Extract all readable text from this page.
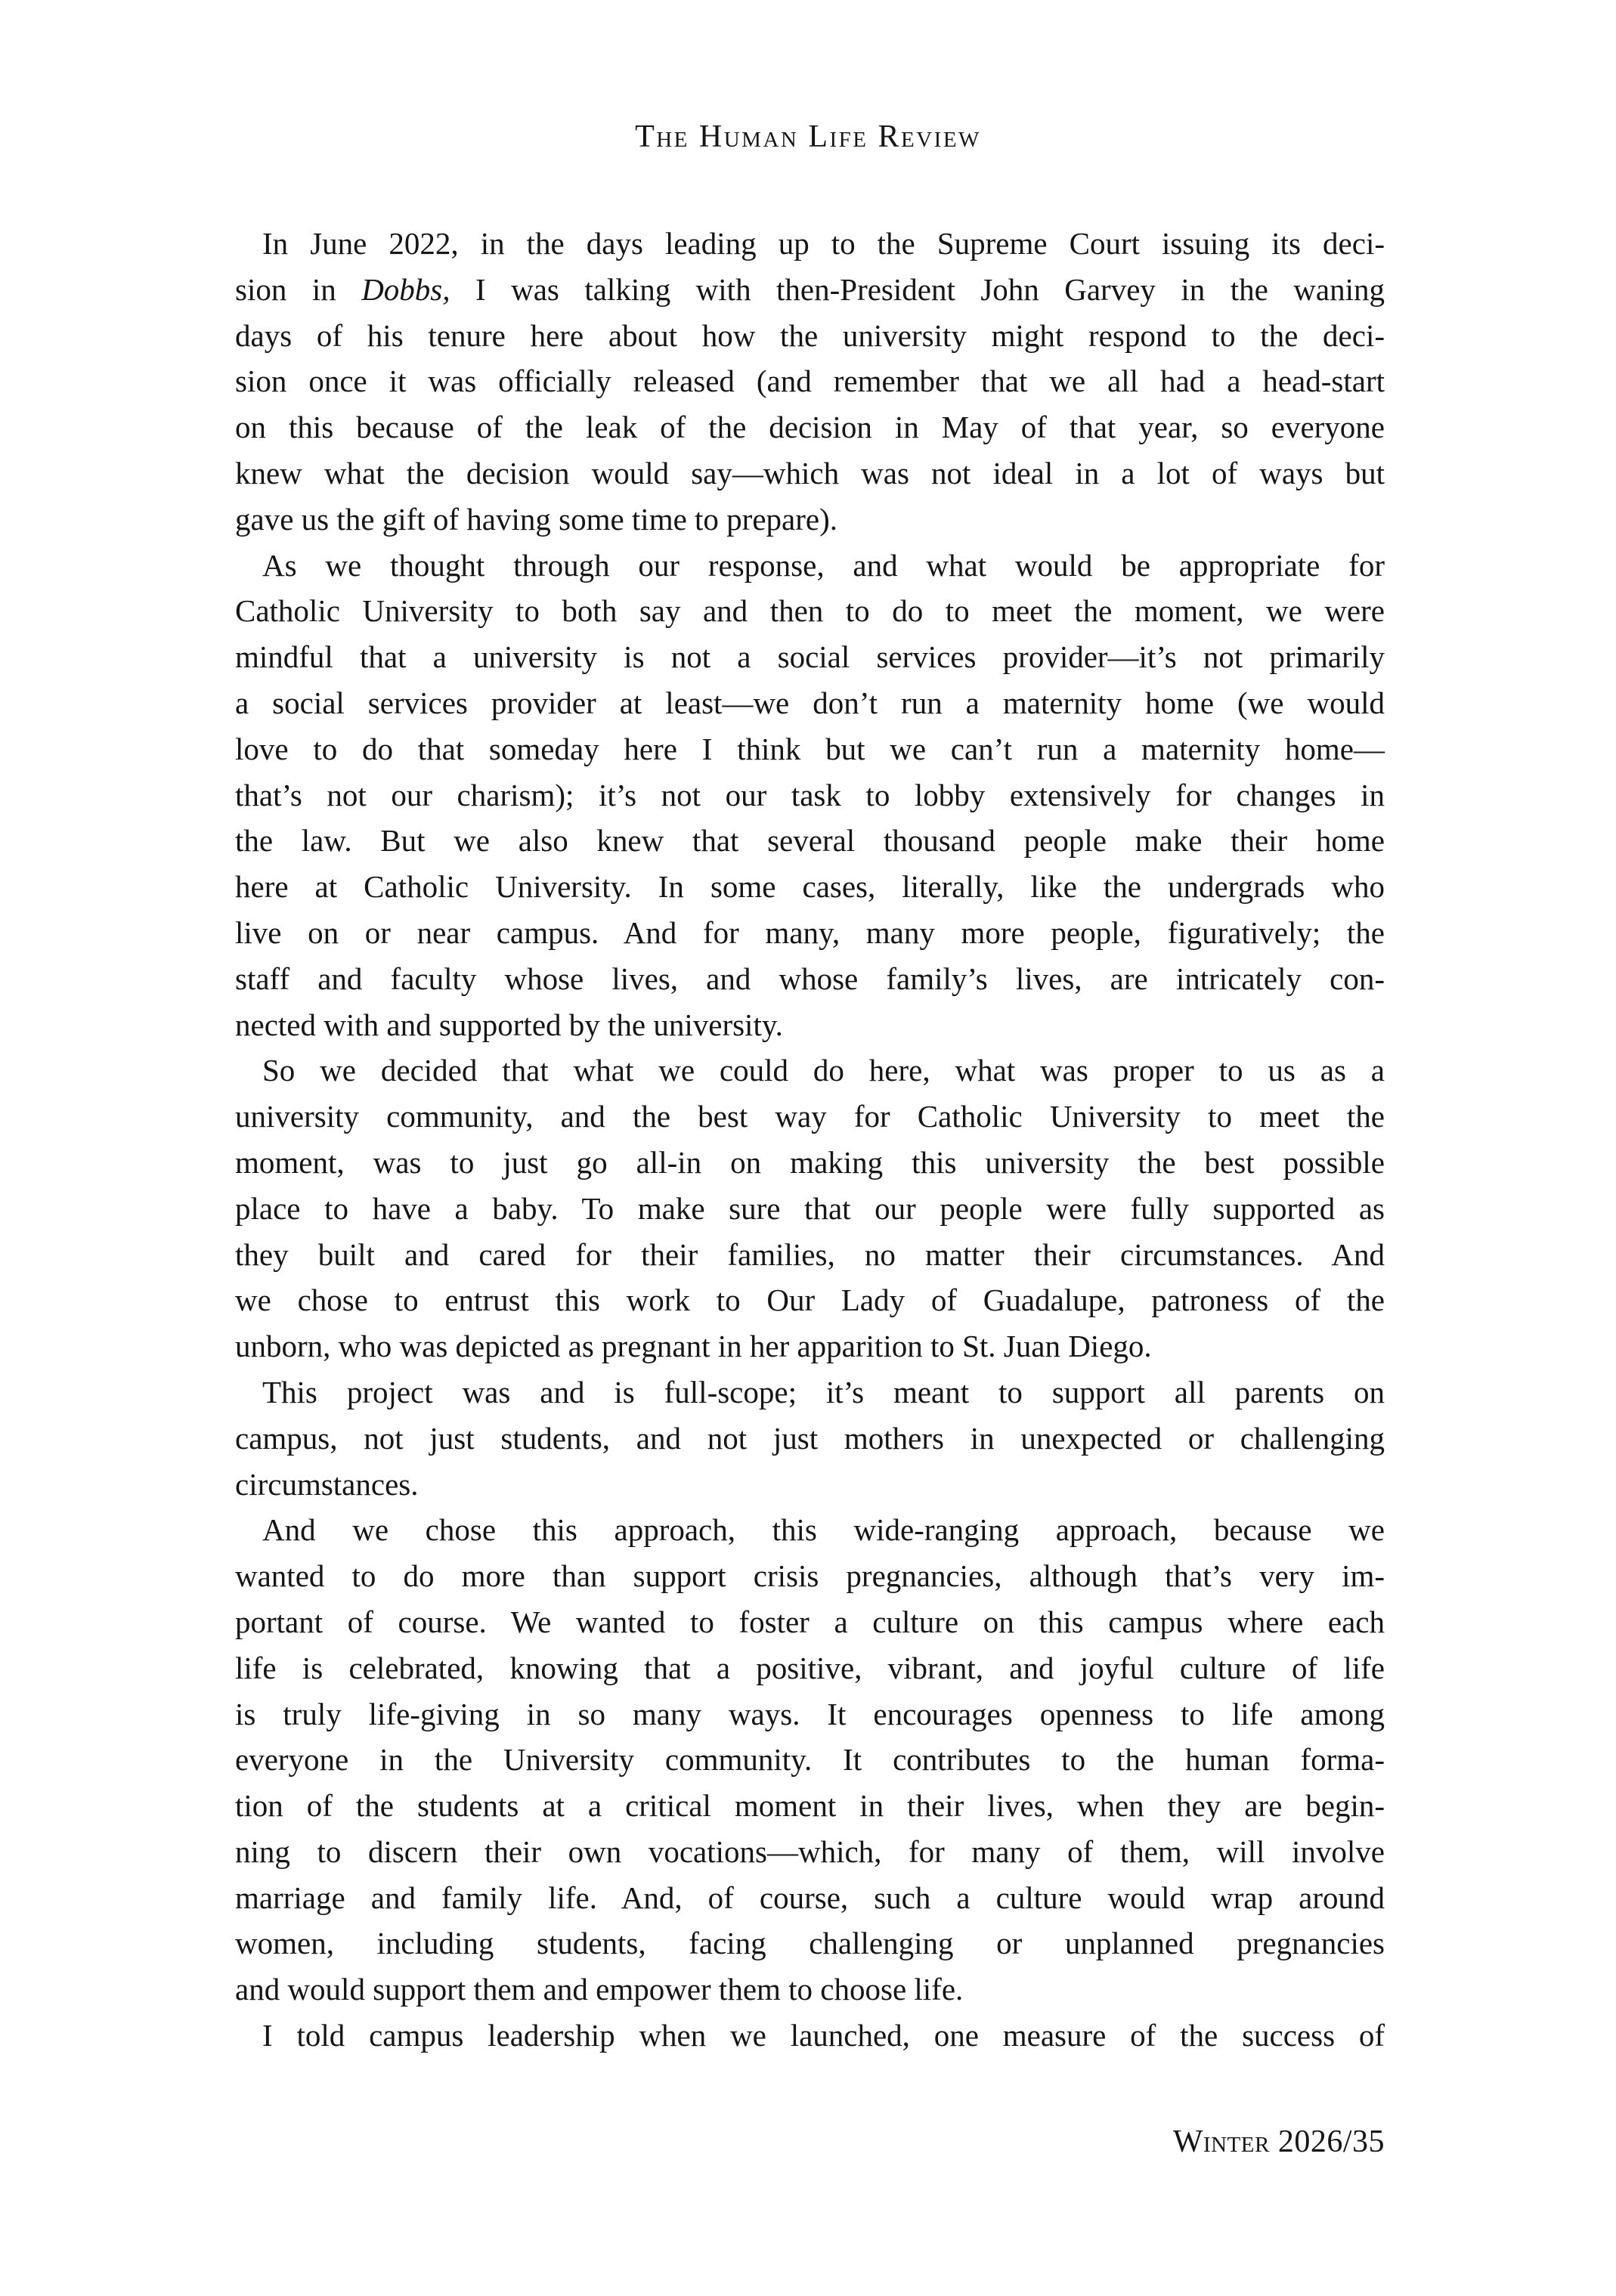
The Human Life Review
In June 2022, in the days leading up to the Supreme Court issuing its deci-
sion in Dobbs, I was talking with then-President John Garvey in the waning
days of his tenure here about how the university might respond to the deci-
sion once it was officially released (and remember that we all had a head-start
on this because of the leak of the decision in May of that year, so everyone
knew what the decision would say—which was not ideal in a lot of ways but
gave us the gift of having some time to prepare).
As we thought through our response, and what would be appropriate for
Catholic University to both say and then to do to meet the moment, we were
mindful that a university is not a social services provider—it’s not primarily
a social services provider at least—we don’t run a maternity home (we would
love to do that someday here I think but we can’t run a maternity home—
that’s not our charism); it’s not our task to lobby extensively for changes in
the law. But we also knew that several thousand people make their home
here at Catholic University. In some cases, literally, like the undergrads who
live on or near campus. And for many, many more people, figuratively; the
staff and faculty whose lives, and whose family’s lives, are intricately con-
nected with and supported by the university.
So we decided that what we could do here, what was proper to us as a
university community, and the best way for Catholic University to meet the
moment, was to just go all-in on making this university the best possible
place to have a baby. To make sure that our people were fully supported as
they built and cared for their families, no matter their circumstances. And
we chose to entrust this work to Our Lady of Guadalupe, patroness of the
unborn, who was depicted as pregnant in her apparition to St. Juan Diego.
This project was and is full-scope; it’s meant to support all parents on
campus, not just students, and not just mothers in unexpected or challenging
circumstances.
And we chose this approach, this wide-ranging approach, because we
wanted to do more than support crisis pregnancies, although that’s very im-
portant of course. We wanted to foster a culture on this campus where each
life is celebrated, knowing that a positive, vibrant, and joyful culture of life
is truly life-giving in so many ways. It encourages openness to life among
everyone in the University community. It contributes to the human forma-
tion of the students at a critical moment in their lives, when they are begin-
ning to discern their own vocations—which, for many of them, will involve
marriage and family life. And, of course, such a culture would wrap around
women, including students, facing challenging or unplanned pregnancies
and would support them and empower them to choose life.
I told campus leadership when we launched, one measure of the success of
Winter 2026/35
